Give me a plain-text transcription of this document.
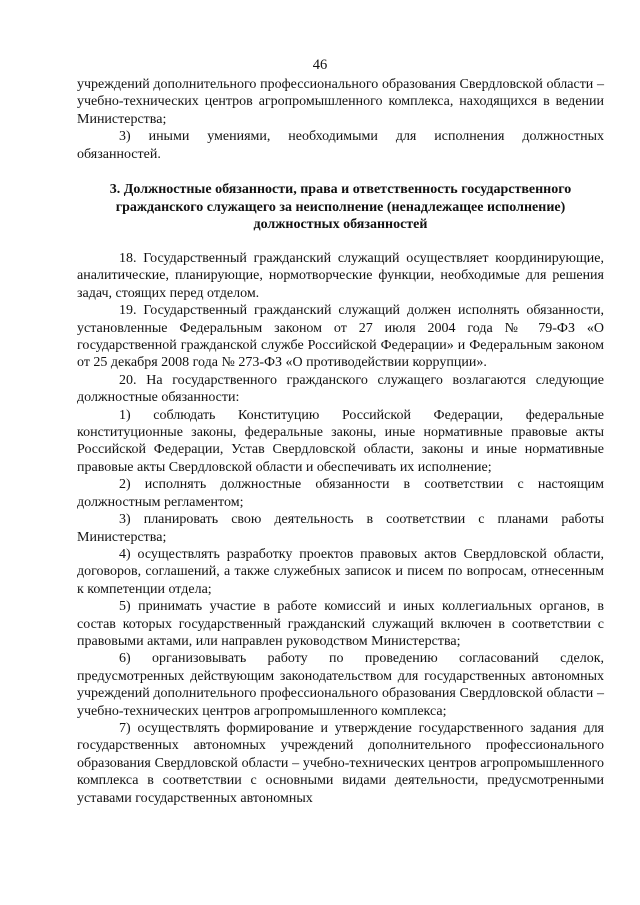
46

учреждений дополнительного профессионального образования Свердловской области – учебно-технических центров агропромышленного комплекса, находящихся в ведении Министерства;

3) иными умениями, необходимыми для исполнения должностных обязанностей.

3. Должностные обязанности, права и ответственность государственного
гражданского служащего за неисполнение (ненадлежащее исполнение)
должностных обязанностей

18. Государственный гражданский служащий осуществляет координирующие, аналитические, планирующие, нормотворческие функции, необходимые для решения задач, стоящих перед отделом.

19. Государственный гражданский служащий должен исполнять обязанности, установленные Федеральным законом от 27 июля 2004 года № 79-ФЗ «О государственной гражданской службе Российской Федерации» и Федеральным законом от 25 декабря 2008 года № 273-ФЗ «О противодействии коррупции».

20. На государственного гражданского служащего возлагаются следующие должностные обязанности:

1) соблюдать Конституцию Российской Федерации, федеральные конституционные законы, федеральные законы, иные нормативные правовые акты Российской Федерации, Устав Свердловской области, законы и иные нормативные правовые акты Свердловской области и обеспечивать их исполнение;

2) исполнять должностные обязанности в соответствии с настоящим должностным регламентом;

3) планировать свою деятельность в соответствии с планами работы Министерства;

4) осуществлять разработку проектов правовых актов Свердловской области, договоров, соглашений, а также служебных записок и писем по вопросам, отнесенным к компетенции отдела;

5) принимать участие в работе комиссий и иных коллегиальных органов, в состав которых государственный гражданский служащий включен в соответствии с правовыми актами, или направлен руководством Министерства;

6) организовывать работу по проведению согласований сделок, предусмотренных действующим законодательством для государственных автономных учреждений дополнительного профессионального образования Свердловской области – учебно-технических центров агропромышленного комплекса;

7) осуществлять формирование и утверждение государственного задания для государственных автономных учреждений дополнительного профессионального образования Свердловской области – учебно-технических центров агропромышленного комплекса в соответствии с основными видами деятельности, предусмотренными уставами государственных автономных
